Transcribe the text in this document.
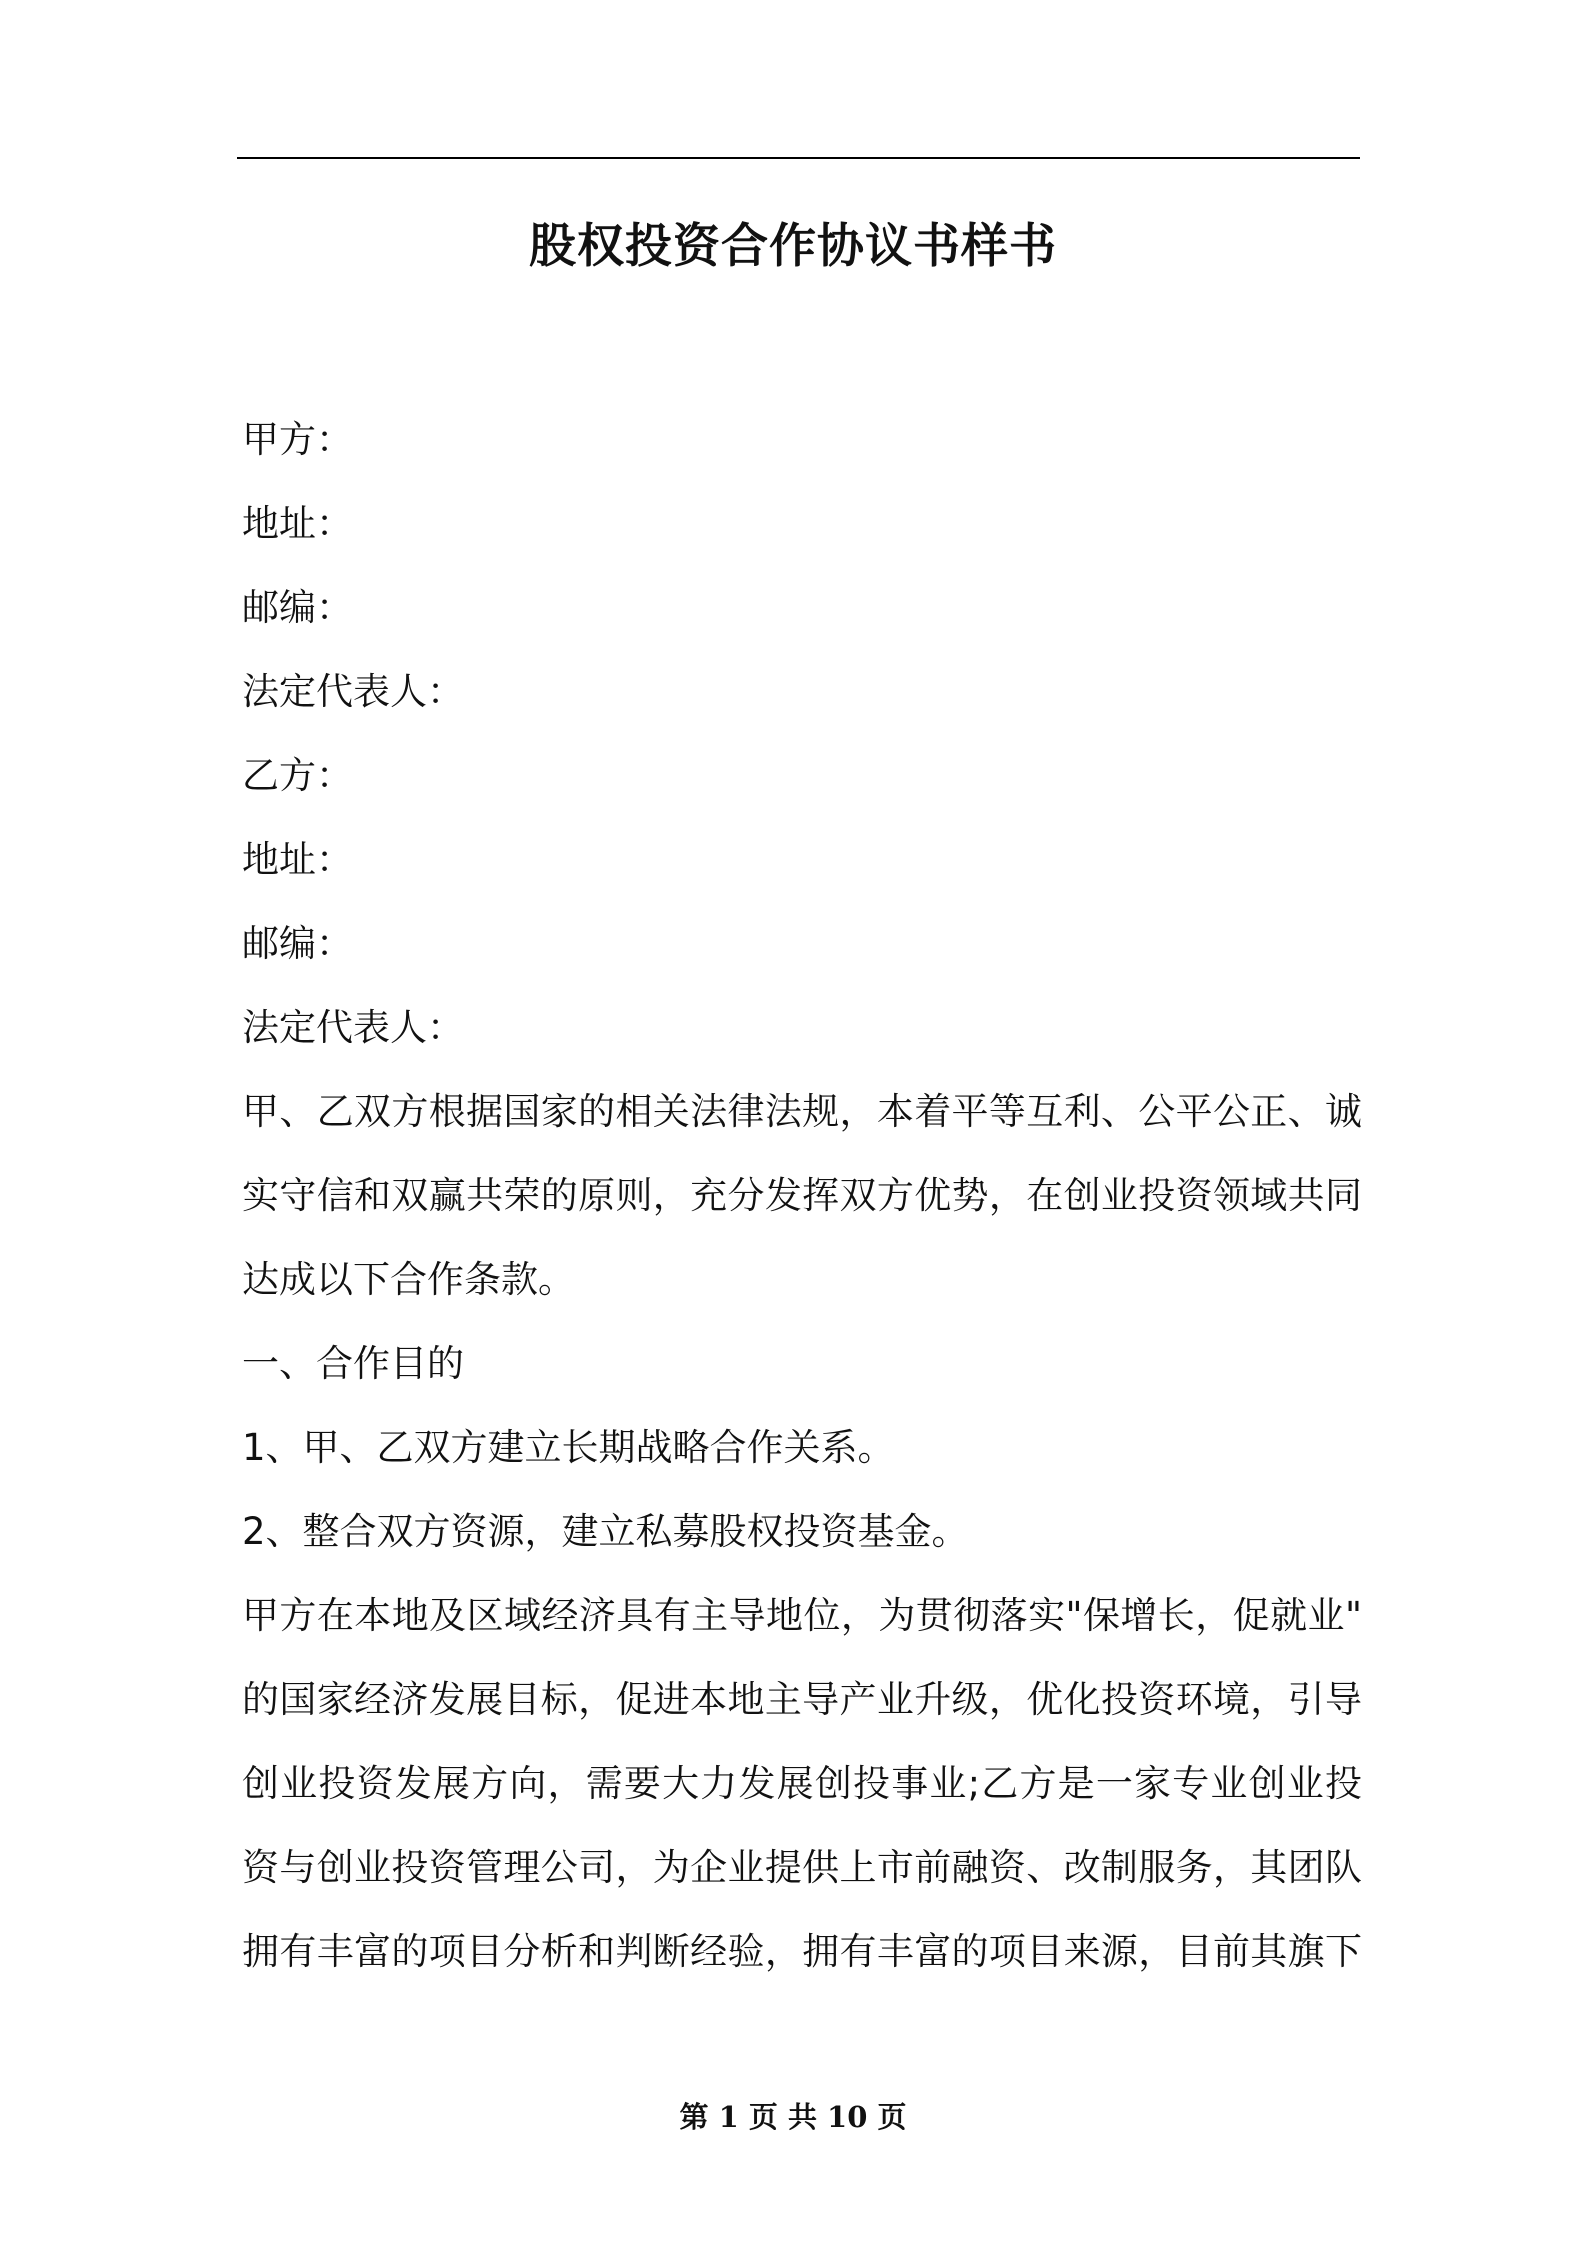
股权投资合作协议书样书
甲方：
地址：
邮编：
法定代表人：
乙方：
地址：
邮编：
法定代表人：
甲、乙双方根据国家的相关法律法规，本着平等互利、公平公正、诚
实守信和双赢共荣的原则，充分发挥双方优势，在创业投资领域共同
达成以下合作条款。
一、合作目的
1、甲、乙双方建立长期战略合作关系。
2、整合双方资源，建立私募股权投资基金。
甲方在本地及区域经济具有主导地位，为贯彻落实"保增长，促就业"
的国家经济发展目标，促进本地主导产业升级，优化投资环境，引导
创业投资发展方向，需要大力发展创投事业;乙方是一家专业创业投
资与创业投资管理公司，为企业提供上市前融资、改制服务，其团队
拥有丰富的项目分析和判断经验，拥有丰富的项目来源，目前其旗下
第 1 页 共 10 页
